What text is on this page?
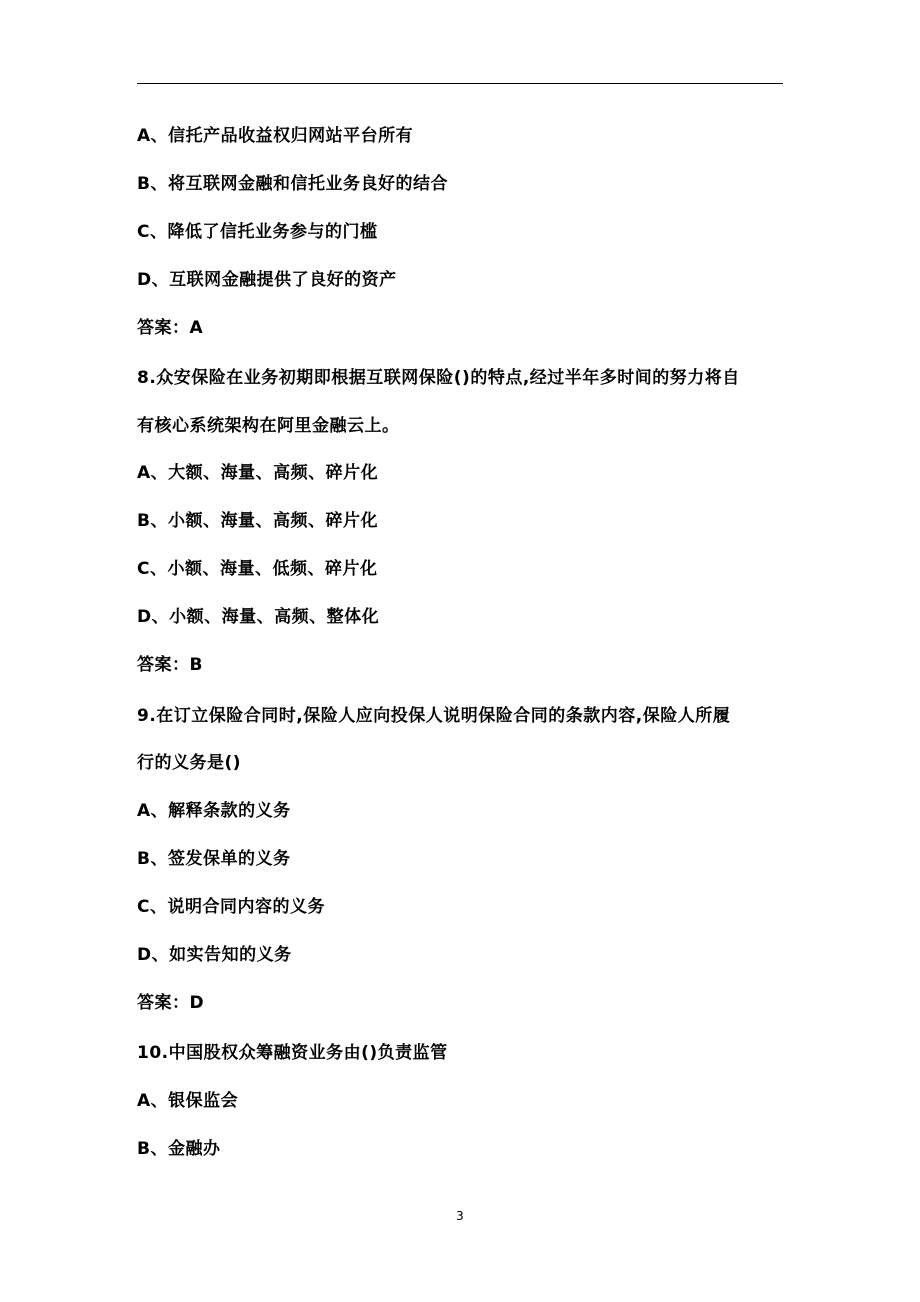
A、信托产品收益权归网站平台所有
B、将互联网金融和信托业务良好的结合
C、降低了信托业务参与的门槛
D、互联网金融提供了良好的资产
答案：A
8.众安保险在业务初期即根据互联网保险()的特点,经过半年多时间的努力将自
有核心系统架构在阿里金融云上。
A、大额、海量、高频、碎片化
B、小额、海量、高频、碎片化
C、小额、海量、低频、碎片化
D、小额、海量、高频、整体化
答案：B
9.在订立保险合同时,保险人应向投保人说明保险合同的条款内容,保险人所履
行的义务是()
A、解释条款的义务
B、签发保单的义务
C、说明合同内容的义务
D、如实告知的义务
答案：D
10.中国股权众筹融资业务由()负责监管
A、银保监会
B、金融办
3
